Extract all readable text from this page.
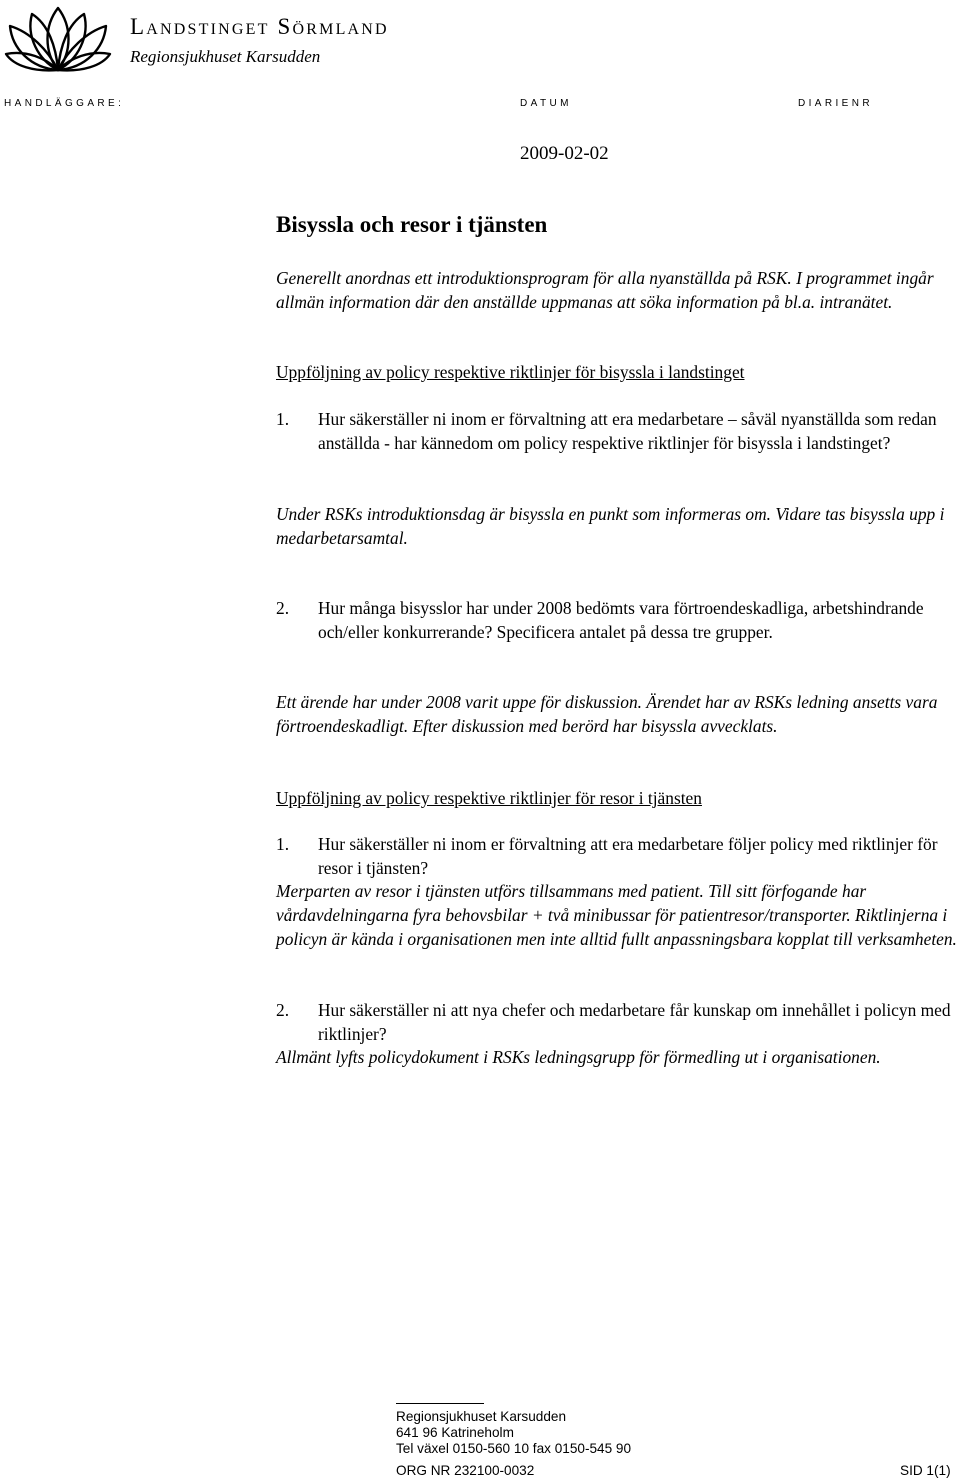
Landstinget Sörmland
Regionsjukhuset Karsudden
HANDLÄGGARE:	DATUM	DIARIENR
2009-02-02
Bisyssla och resor i tjänsten
Generellt anordnas ett introduktionsprogram för alla nyanställda på RSK. I programmet ingår allmän information där den anställde uppmanas att söka information på bl.a. intranätet.
Uppföljning av policy respektive riktlinjer för bisyssla i landstinget
1. Hur säkerställer ni inom er förvaltning att era medarbetare – såväl nyanställda som redan anställda - har kännedom om policy respektive riktlinjer för bisyssla i landstinget?
Under RSKs introduktionsdag är bisyssla en punkt som informeras om. Vidare tas bisyssla upp i medarbetarsamtal.
2. Hur många bisysslor har under 2008 bedömts vara förtroendeskadliga, arbetshindrande och/eller konkurrerande? Specificera antalet på dessa tre grupper.
Ett ärende har under 2008 varit uppe för diskussion. Ärendet har av RSKs ledning ansetts vara förtroendeskadligt. Efter diskussion med berörd har bisyssla avvecklats.
Uppföljning av policy respektive riktlinjer för resor i tjänsten
1. Hur säkerställer ni inom er förvaltning att era medarbetare följer policy med riktlinjer för resor i tjänsten?
Merparten av resor i tjänsten utförs tillsammans med patient. Till sitt förfogande har vårdavdelningarna fyra behovsbilar + två minibussar för patientresor/transporter. Riktlinjerna i policyn är kända i organisationen men inte alltid fullt anpassningsbara kopplat till verksamheten.
2. Hur säkerställer ni att nya chefer och medarbetare får kunskap om innehållet i policyn med riktlinjer?
Allmänt lyfts policydokument i RSKs ledningsgrupp för förmedling ut i organisationen.
Regionsjukhuset Karsudden
641 96 Katrineholm
Tel växel 0150-560 10 fax 0150-545 90
ORG NR 232100-0032	SID 1(1)
